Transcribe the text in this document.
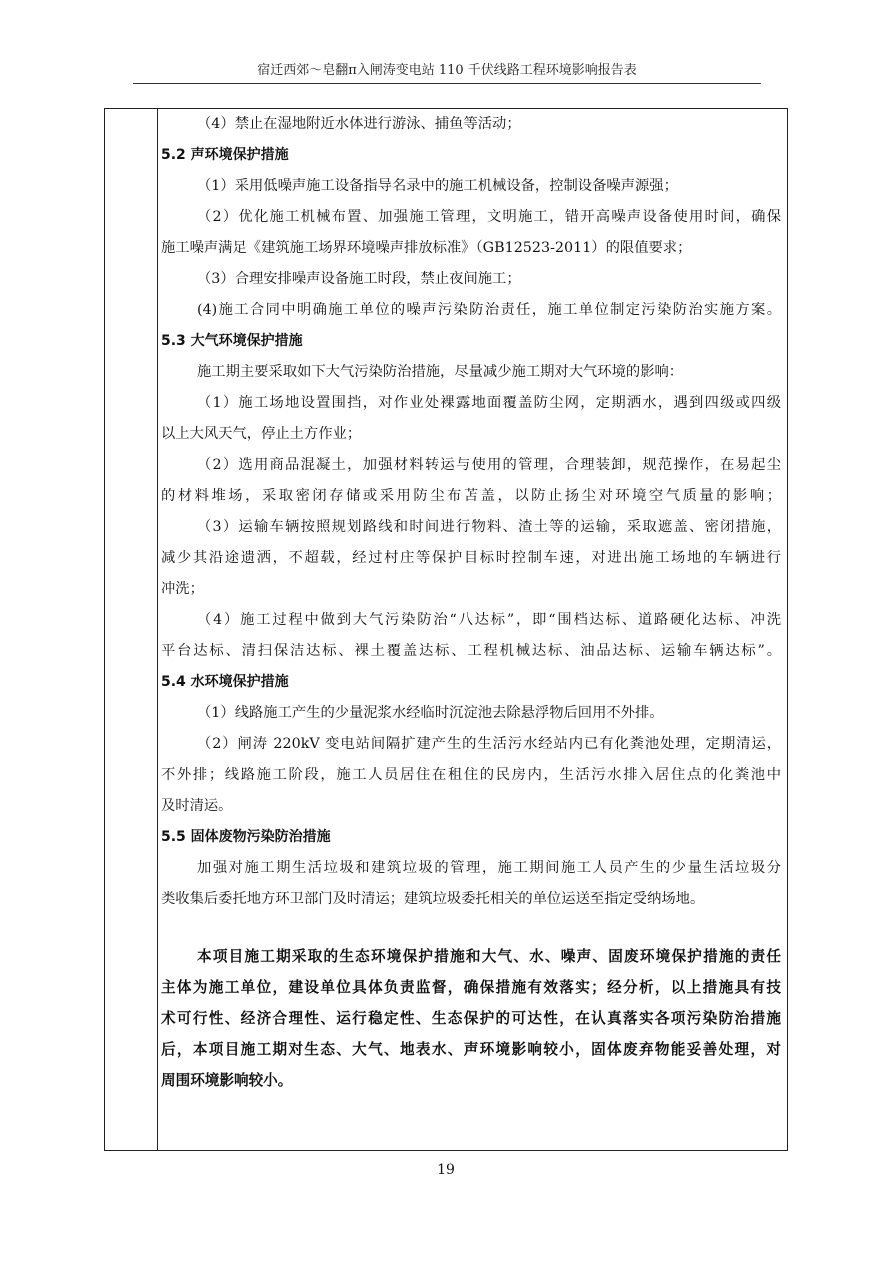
宿迁西郊～皂翻π入闸涛变电站 110 千伏线路工程环境影响报告表
（4）禁止在湿地附近水体进行游泳、捕鱼等活动；
5.2 声环境保护措施
（1）采用低噪声施工设备指导名录中的施工机械设备，控制设备噪声源强；
（2）优化施工机械布置、加强施工管理，文明施工，错开高噪声设备使用时间，确保
施工噪声满足《建筑施工场界环境噪声排放标准》（GB12523-2011）的限值要求；
（3）合理安排噪声设备施工时段，禁止夜间施工；
(4)施工合同中明确施工单位的噪声污染防治责任，施工单位制定污染防治实施方案。
5.3 大气环境保护措施
施工期主要采取如下大气污染防治措施，尽量减少施工期对大气环境的影响：
（1）施工场地设置围挡，对作业处裸露地面覆盖防尘网，定期洒水，遇到四级或四级
以上大风天气，停止土方作业；
（2）选用商品混凝土，加强材料转运与使用的管理，合理装卸，规范操作，在易起尘
的材料堆场，采取密闭存储或采用防尘布苫盖，以防止扬尘对环境空气质量的影响；
（3）运输车辆按照规划路线和时间进行物料、渣土等的运输，采取遮盖、密闭措施，
减少其沿途遗洒，不超载，经过村庄等保护目标时控制车速，对进出施工场地的车辆进行
冲洗；
（4）施工过程中做到大气污染防治“八达标”，即“围档达标、道路硬化达标、冲洗
平台达标、清扫保洁达标、裸土覆盖达标、工程机械达标、油品达标、运输车辆达标”。
5.4 水环境保护措施
（1）线路施工产生的少量泥浆水经临时沉淀池去除悬浮物后回用不外排。
（2）闸涛 220kV 变电站间隔扩建产生的生活污水经站内已有化粪池处理，定期清运，
不外排；线路施工阶段，施工人员居住在租住的民房内，生活污水排入居住点的化粪池中
及时清运。
5.5 固体废物污染防治措施
加强对施工期生活垃圾和建筑垃圾的管理，施工期间施工人员产生的少量生活垃圾分
类收集后委托地方环卫部门及时清运；建筑垃圾委托相关的单位运送至指定受纳场地。
本项目施工期采取的生态环境保护措施和大气、水、噪声、固废环境保护措施的责任
主体为施工单位，建设单位具体负责监督，确保措施有效落实；经分析，以上措施具有技
术可行性、经济合理性、运行稳定性、生态保护的可达性，在认真落实各项污染防治措施
后，本项目施工期对生态、大气、地表水、声环境影响较小，固体废弃物能妥善处理，对
周围环境影响较小。
19
